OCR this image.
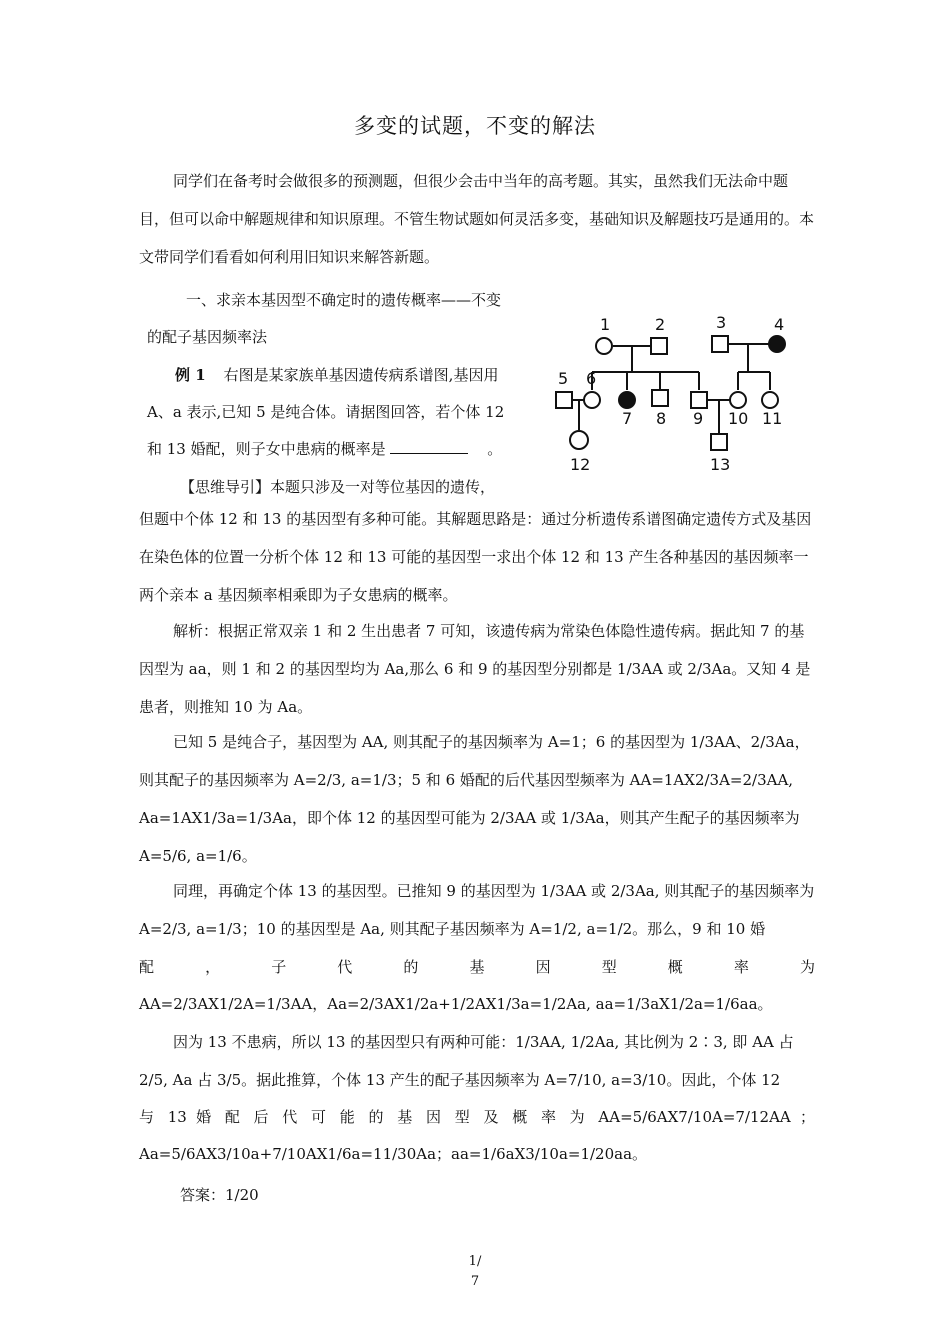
多变的试题，不变的解法

同学们在备考时会做很多的预测题，但很少会击中当年的高考题。其实，虽然我们无法命中题目，但可以命中解题规律和知识原理。不管生物试题如何灵活多变，基础知识及解题技巧是通用的。本文带同学们看看如何利用旧知识来解答新题。

一、求亲本基因型不确定时的遗传概率——不变
的配子基因频率法
例 1 右图是某家族单基因遗传病系谱图,基因用
A、a 表示,已知 5 是纯合体。请据图回答，若个体 12
和 13 婚配，则子女中患病的概率是	。
1	2	3	4
5 6
7 8 9 10 11
12	13
【思维导引】本题只涉及一对等位基因的遗传，

但题中个体 12 和 13 的基因型有多种可能。其解题思路是：通过分析遗传系谱图确定遗传方式及基因在染色体的位置一分析个体 12 和 13 可能的基因型一求出个体 12 和 13 产生各种基因的基因频率一两个亲本 a 基因频率相乘即为子女患病的概率。

解析：根据正常双亲 1 和 2 生出患者 7 可知，该遗传病为常染色体隐性遗传病。据此知 7 的基因型为 aa，则 1 和 2 的基因型均为 Aa,那么 6 和 9 的基因型分别都是 1/3AA 或 2/3Aa。又知 4 是患者，则推知 10 为 Aa。

已知 5 是纯合子，基因型为 AA, 则其配子的基因频率为 A=1；6 的基因型为 1/3AA、2/3Aa，则其配子的基因频率为 A=2/3, a=1/3；5 和 6 婚配的后代基因型频率为 AA=1AX2/3A=2/3AA, Aa=1AX1/3a=1/3Aa，即个体 12 的基因型可能为 2/3AA 或 1/3Aa，则其产生配子的基因频率为 A=5/6, a=1/6。

同理，再确定个体 13 的基因型。已推知 9 的基因型为 1/3AA 或 2/3Aa, 则其配子的基因频率为 A=2/3, a=1/3；10 的基因型是 Aa, 则其配子基因频率为 A=1/2, a=1/2。那么，9 和 10 婚

配 ， 子 代 的 基 因 型 概 率 为
AA=2/3AX1/2A=1/3AA，Aa=2/3AX1/2a+1/2AX1/3a=1/2Aa, aa=1/3aX1/2a=1/6aa。

因为 13 不患病，所以 13 的基因型只有两种可能：1/3AA, 1/2Aa, 其比例为 2∶3, 即 AA 占 2/5, Aa 占 3/5。据此推算，个体 13 产生的配子基因频率为 A=7/10, a=3/10。因此，个体 12

与 13 婚 配 后 代 可 能 的 基 因 型 及 概 率 为 AA=5/6AX7/10A=7/12AA ；
Aa=5/6AX3/10a+7/10AX1/6a=11/30Aa；aa=1/6aX3/10a=1/20aa。
答案：1/20
1/
7
